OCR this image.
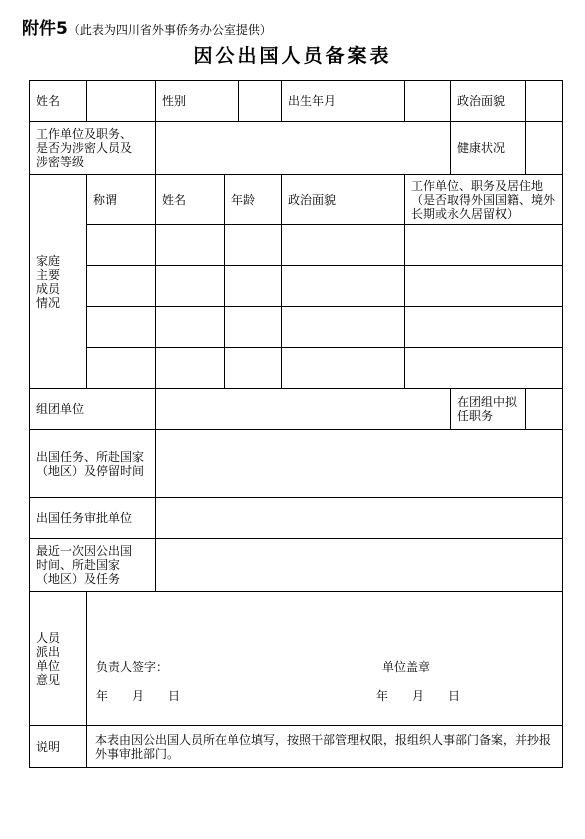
附件5（此表为四川省外事侨务办公室提供）
因公出国人员备案表
姓名		性别			出生年月		政治面貌	
工作单位及职务、
是否为涉密人员及
涉密等级							健康状况	
家庭
主要
成员
情况	称谓	姓名	年龄		政治面貌	工作单位、职务及居住地（是否取得外国国籍、境外长期或永久居留权）		

组团单位							在团组中拟任职务	
出国任务、所赴国家
（地区）及停留时间								
出国任务审批单位								
最近一次因公出国
时间、所赴国家
（地区）及任务								
人员
派出
单位
意见	负责人签字： 单位盖章
年　　月　　日 年　　月　　日							

说明	本表由因公出国人员所在单位填写，按照干部管理权限，报组织人事部门备案，并抄报外事审批部门。							
